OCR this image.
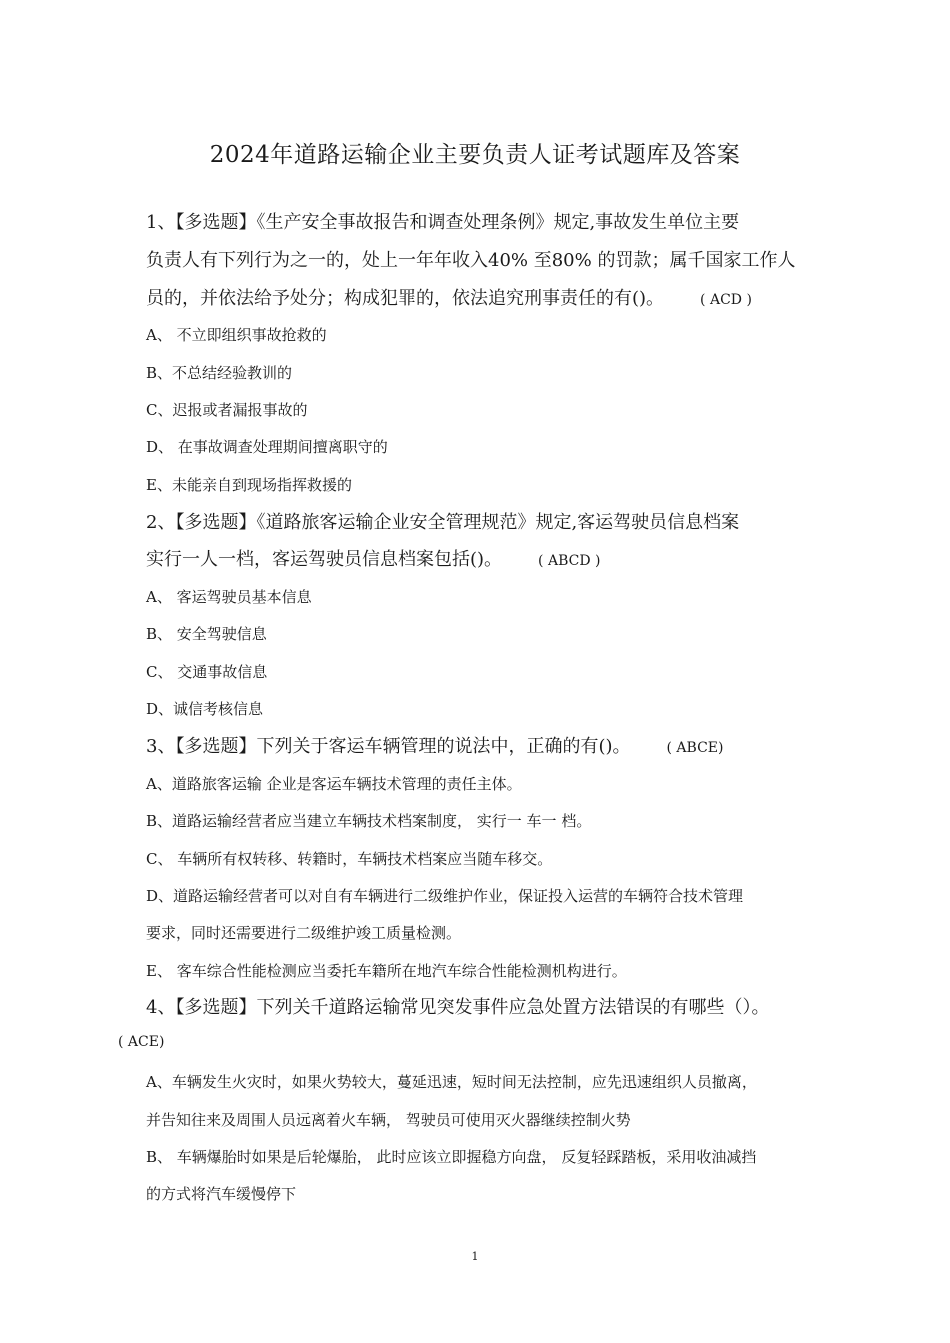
2024年道路运输企业主要负责人证考试题库及答案
1、【多选题】《生产安全事故报告和调查处理条例》规定,事故发生单位主要
负责人有下列行为之一的，处上一年年收入40% 至80% 的罚款；属千国家工作人
员的，并依法给予处分；构成犯罪的，依法追究刑事责任的有()。	( ACD )
A、 不立即组织事故抢救的
B、不总结经验教训的
C、迟报或者漏报事故的
D、 在事故调查处理期间擅离职守的
E、未能亲自到现场指挥救援的
2、【多选题】《道路旅客运输企业安全管理规范》规定,客运驾驶员信息档案
实行一人一档，客运驾驶员信息档案包括()。	( ABCD )
A、 客运驾驶员基本信息
B、 安全驾驶信息
C、 交通事故信息
D、诚信考核信息
3、【多选题】下列关于客运车辆管理的说法中，正确的有()。	( ABCE)
A、道路旅客运输 企业是客运车辆技术管理的责任主体。
B、道路运输经营者应当建立车辆技术档案制度， 实行一 车一 档。
C、 车辆所有权转移、转籍时，车辆技术档案应当随车移交。
D、道路运输经营者可以对自有车辆进行二级维护作业，保证投入运营的车辆符合技术管理
要求，同时还需要进行二级维护竣工质量检测。
E、 客车综合性能检测应当委托车籍所在地汽车综合性能检测机构进行。
4、【多选题】下列关千道路运输常见突发事件应急处置方法错误的有哪些（）。
( ACE)
A、车辆发生火灾时，如果火势较大，蔓延迅速，短时间无法控制，应先迅速组织人员撤离，
并告知往来及周围人员远离着火车辆， 驾驶员可使用灭火器继续控制火势
B、 车辆爆胎时如果是后轮爆胎， 此时应该立即握稳方向盘， 反复轻踩踏板，采用收油减挡
的方式将汽车缓慢停下
1
